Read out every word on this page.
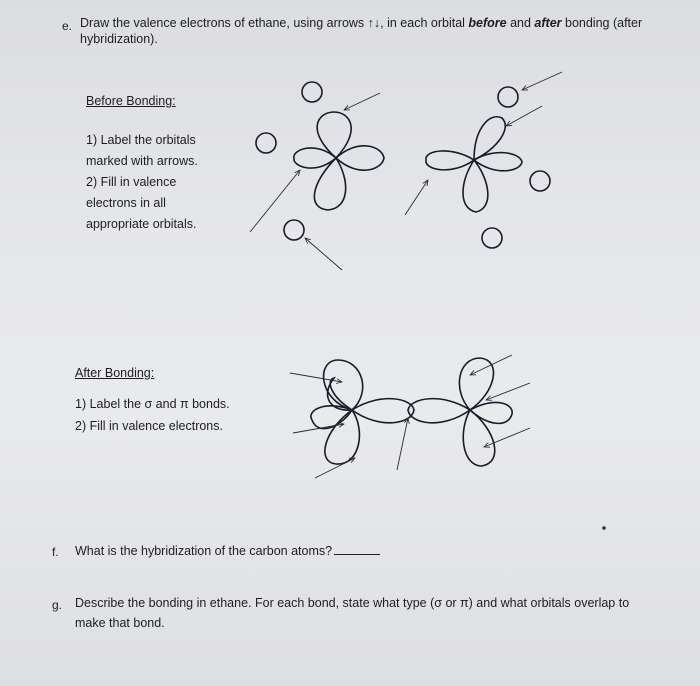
e. Draw the valence electrons of ethane, using arrows ↑↓, in each orbital before and after bonding (after
hybridization).
Before Bonding:
1) Label the orbitals
marked with arrows.
2) Fill in valence
electrons in all
appropriate orbitals.
After Bonding:
1) Label the σ and π bonds.
2) Fill in valence electrons.
f. What is the hybridization of the carbon atoms?
g. Describe the bonding in ethane. For each bond, state what type (σ or π) and what orbitals overlap to
make that bond.
